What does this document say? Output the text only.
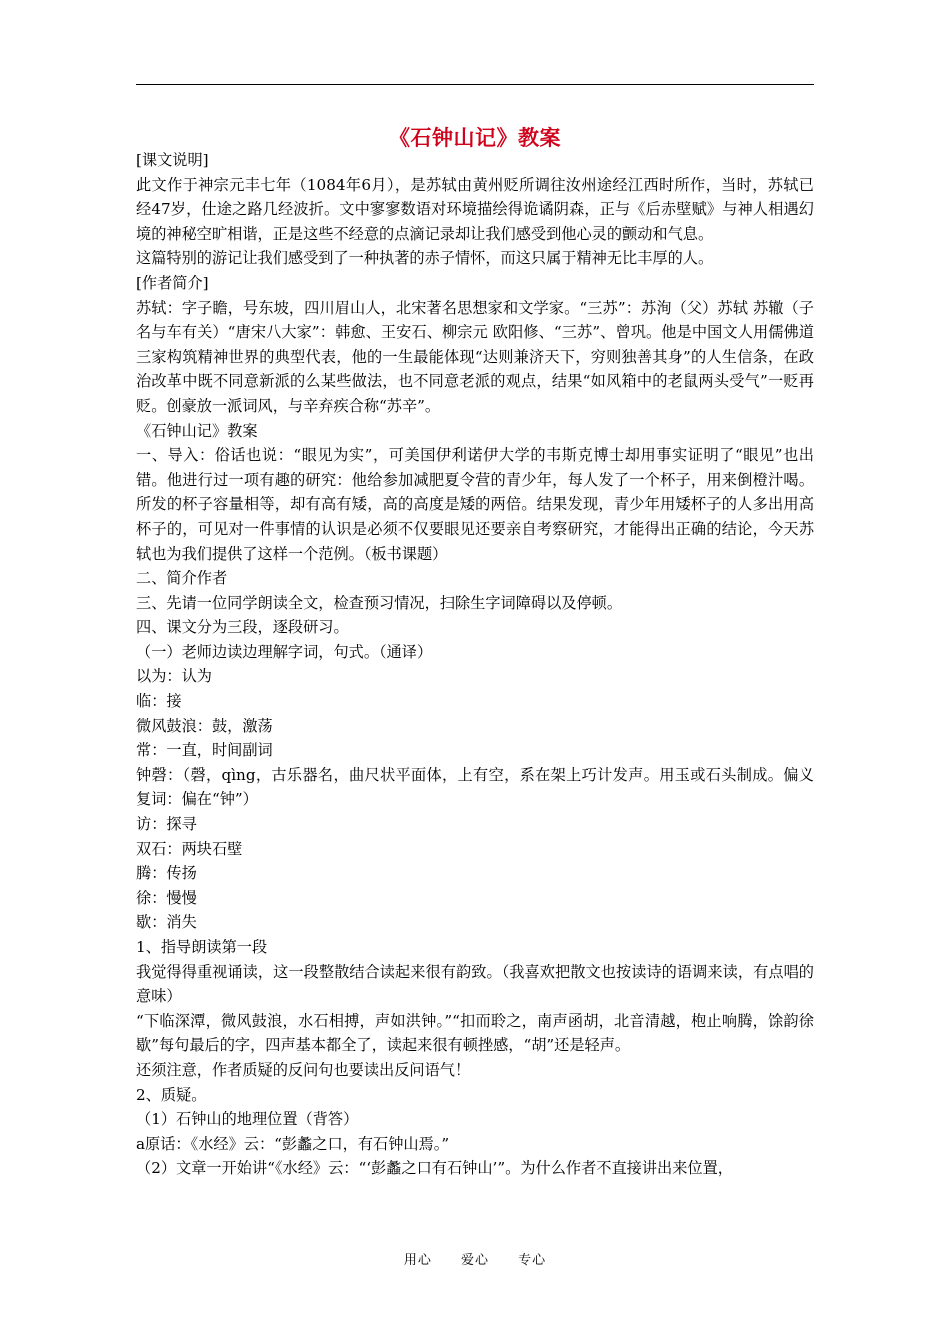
《石钟山记》教案

[课文说明]

此文作于神宗元丰七年（1084年6月），是苏轼由黄州贬所调往汝州途经江西时所作，当时，苏轼已经47岁，仕途之路几经波折。文中寥寥数语对环境描绘得诡谲阴森，正与《后赤壁赋》与神人相遇幻境的神秘空旷相谐，正是这些不经意的点滴记录却让我们感受到他心灵的颤动和气息。

这篇特别的游记让我们感受到了一种执著的赤子情怀，而这只属于精神无比丰厚的人。

[作者简介]

苏轼：字子瞻，号东坡，四川眉山人，北宋著名思想家和文学家。“三苏”：苏洵（父）苏轼 苏辙（子名与车有关）“唐宋八大家”：韩愈、王安石、柳宗元 欧阳修、“三苏”、曾巩。他是中国文人用儒佛道三家构筑精神世界的典型代表，他的一生最能体现“达则兼济天下，穷则独善其身”的人生信条，在政治改革中既不同意新派的么某些做法，也不同意老派的观点，结果“如风箱中的老鼠两头受气”一贬再贬。创豪放一派词风，与辛弃疾合称“苏辛”。

《石钟山记》教案

一、导入：俗话也说：“眼见为实”，可美国伊利诺伊大学的韦斯克博士却用事实证明了“眼见”也出错。他进行过一项有趣的研究：他给参加减肥夏令营的青少年，每人发了一个杯子，用来倒橙汁喝。所发的杯子容量相等，却有高有矮，高的高度是矮的两倍。结果发现，青少年用矮杯子的人多出用高杯子的，可见对一件事情的认识是必须不仅要眼见还要亲自考察研究，才能得出正确的结论，今天苏轼也为我们提供了这样一个范例。（板书课题）

二、简介作者

三、先请一位同学朗读全文，检查预习情况，扫除生字词障碍以及停顿。

四、课文分为三段，逐段研习。

（一）老师边读边理解字词，句式。（通译）

以为：认为

临：接

微风鼓浪：鼓，激荡

常：一直，时间副词

钟磬：（磬，qìng，古乐器名，曲尺状平面体，上有空，系在架上巧计发声。用玉或石头制成。偏义复词：偏在“钟”）

访：探寻

双石：两块石壁

腾：传扬

徐：慢慢

歇：消失

1、指导朗读第一段

我觉得得重视诵读，这一段整散结合读起来很有韵致。（我喜欢把散文也按读诗的语调来读，有点唱的意味）

“下临深潭，微风鼓浪，水石相搏，声如洪钟。”“扣而聆之，南声函胡，北音清越，枹止响腾，馀韵徐歇”每句最后的字，四声基本都全了，读起来很有顿挫感，“胡”还是轻声。

还须注意，作者质疑的反问句也要读出反问语气！

2、质疑。

（1）石钟山的地理位置（背答）

a原话：《水经》云：“彭蠡之口，有石钟山焉。”

（2）文章一开始讲“《水经》云：“‘彭蠡之口有石钟山’”。为什么作者不直接讲出来位置，

用心 爱心 专心
